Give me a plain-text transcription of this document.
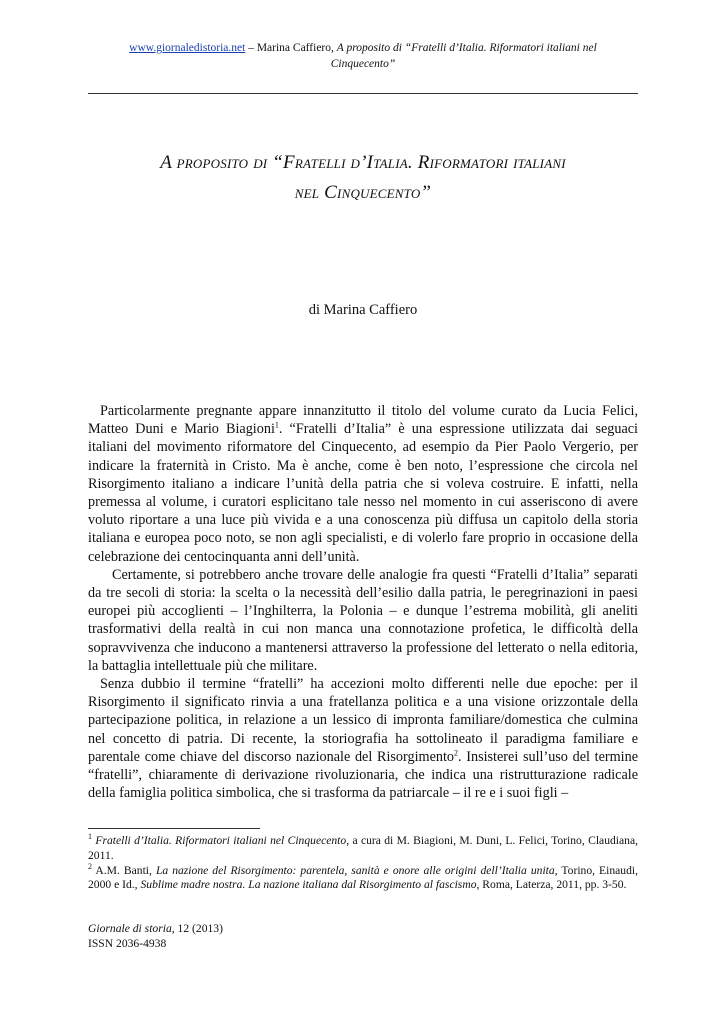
www.giornaledistoria.net – Marina Caffiero, A proposito di “Fratelli d’Italia. Riformatori italiani nel
Cinquecento”
A proposito di “Fratelli d’Italia. Riformatori italiani
nel Cinquecento”
di Marina Caffiero

Particolarmente pregnante appare innanzitutto il titolo del volume curato da Lucia Felici, Matteo Duni e Mario Biagioni$^1$. “Fratelli d’Italia” è una espressione utilizzata dai seguaci italiani del movimento riformatore del Cinquecento, ad esempio da Pier Paolo Vergerio, per indicare la fraternità in Cristo. Ma è anche, come è ben noto, l’espressione che circola nel Risorgimento italiano a indicare l’unità della patria che si voleva costruire. E infatti, nella premessa al volume, i curatori esplicitano tale nesso nel momento in cui asseriscono di avere voluto riportare a una luce più vivida e a una conoscenza più diffusa un capitolo della storia italiana e europea poco noto, se non agli specialisti, e di volerlo fare proprio in occasione della celebrazione dei centocinquanta anni dell’unità.

Certamente, si potrebbero anche trovare delle analogie fra questi “Fratelli d’Italia” separati da tre secoli di storia: la scelta o la necessità dell’esilio dalla patria, le peregrinazioni in paesi europei più accoglienti – l’Inghilterra, la Polonia – e dunque l’estrema mobilità, gli aneliti trasformativi della realtà in cui non manca una connotazione profetica, le difficoltà della sopravvivenza che inducono a mantenersi attraverso la professione del letterato o nella editoria, la battaglia intellettuale più che militare.

Senza dubbio il termine “fratelli” ha accezioni molto differenti nelle due epoche: per il Risorgimento il significato rinvia a una fratellanza politica e a una visione orizzontale della partecipazione politica, in relazione a un lessico di impronta familiare/domestica che culmina nel concetto di patria. Di recente, la storiografia ha sottolineato il paradigma familiare e parentale come chiave del discorso nazionale del Risorgimento$^2$. Insisterei sull’uso del termine “fratelli”, chiaramente di derivazione rivoluzionaria, che indica una ristrutturazione radicale della famiglia politica simbolica, che si trasforma da patriarcale – il re e i suoi figli –

$^1$ Fratelli d’Italia. Riformatori italiani nel Cinquecento, a cura di M. Biagioni, M. Duni, L. Felici, Torino, Claudiana, 2011.

$^2$ A.M. Banti, La nazione del Risorgimento: parentela, sanità e onore alle origini dell’Italia unita, Torino, Einaudi, 2000 e Id., Sublime madre nostra. La nazione italiana dal Risorgimento al fascismo, Roma, Laterza, 2011, pp. 3-50.

Giornale di storia, 12 (2013)
ISSN 2036-4938
